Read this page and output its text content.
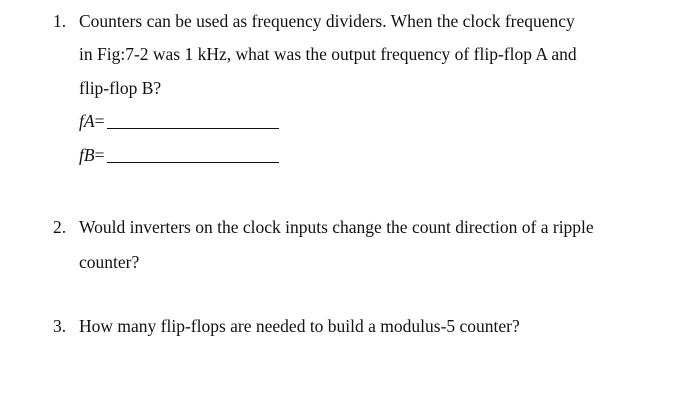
1. Counters can be used as frequency dividers. When the clock frequency
in Fig:7-2 was 1 kHz, what was the output frequency of flip-flop A and
flip-flop B?
fA =
fB =
2. Would inverters on the clock inputs change the count direction of a ripple
counter?
3. How many flip-flops are needed to build a modulus-5 counter?
